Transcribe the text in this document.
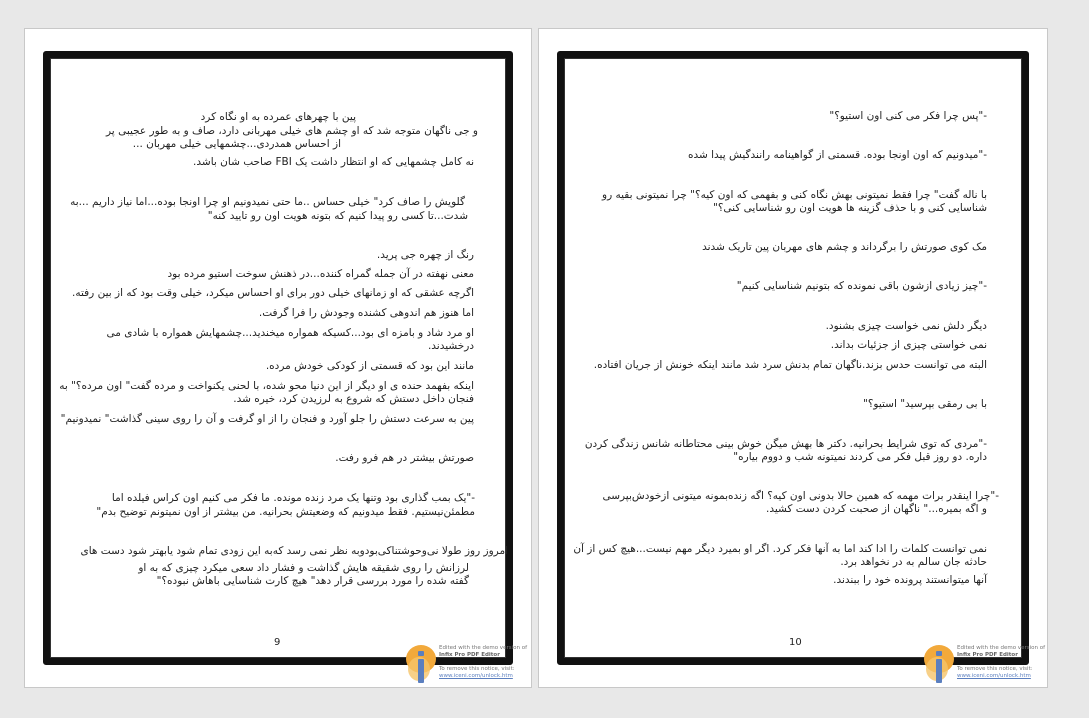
پین با چهرهای عمرده به او نگاه کرد
و جی ناگهان متوجه شد که او چشم های خیلی مهربانی دارد، صاف و به طور عجیبی پر
از احساس همدردی...چشمهایی خیلی مهربان ...
نه کامل چشمهایی که او انتظار داشت یک FBI صاحب شان باشد.
گلویش را صاف کرد" خیلی حساس ..ما حتی نمیدونیم او چرا اونجا بوده...اما نیاز داریم ...به
شدت...تا کسی رو پیدا کنیم که بتونه هویت اون رو تایید کنه"
رنگ از چهره جی پرید.
معنی نهفته در آن جمله گمراه کننده...در ذهنش سوخت استیو مرده بود
اگرچه عشقی که او زمانهای خیلی دور برای او احساس میکرد، خیلی وقت بود که از بین رفته.
اما هنوز هم اندوهی کشنده وجودش را فرا گرفت.
او مرد شاد و بامزه ای بود...کسیکه همواره میخندید...چشمهایش همواره با شادی می
درخشیدند.
مانند این بود که قسمتی از کودکی خودش مرده.
اینکه بفهمد حنده ی او دیگر از این دنیا محو شده، با لحنی یکنواخت و مرده گفت" اون مرده؟" به
فنجان داخل دستش که شروع به لرزیدن کرد، خیره شد.
پین به سرعت دستش را جلو آورد و فنجان را از او گرفت و آن را روی سینی گذاشت" نمیدونیم"
صورتش بیشتر در هم فرو رفت.
-"یک بمب گذاری بود وتنها یک مرد زنده مونده. ما فکر می کنیم اون کراس فیلده اما
مطمئن‌نیستیم. فقط میدونیم که وضعیتش بحرانیه. من بیشتر از اون نمیتونم توضیح بدم"
امروز روز طولا نی‌وحوشتناکی‌بودو‌به نظر نمی رسد که‌به این زودی تمام شود یابهتر شود دست های
لرزانش را روی شقیقه هایش گذاشت و فشار داد سعی میکرد چیزی که به او
گفته شده را مورد بررسی قرار دهد" هیچ کارت شناسایی باهاش نبوده؟"
9	Edited with the demo version of
Infix Pro PDF Editor
To remove this notice, visit:
www.iceni.com/unlock.htm
-"پس چرا فکر می کنی اون استیو؟"
-"میدونیم که اون اونجا بوده. قسمتی از گواهینامه رانندگیش پیدا شده
با ناله گفت" چرا فقط نمیتونی بهش نگاه کنی و بفهمی که اون کیه؟" چرا نمیتونی بقیه رو
شناسایی کنی و با حذف گزینه ها هویت اون رو شناسایی کنی؟"
مک کوی صورتش را برگرداند و چشم های مهربان پین تاریک شدند
-"چیز زیادی ازشون باقی نمونده که بتونیم شناسایی کنیم"
دیگر دلش نمی خواست چیزی بشنود.
نمی خواستی چیزی از جزئیات بداند.
البته می توانست حدس بزند.ناگهان تمام بدنش سرد شد مانند اینکه خونش از جریان افتاده.
با بی رمقی بپرسید" استیو؟"
-"مردی که توی شرایط بحرانیه. دکتر ها بهش میگن خوش بینی محتاطانه شانس زندگی کردن
داره. دو روز قبل فکر می کردند نمیتونه شب و دووم بیاره"
-"چرا اینقدر برات مهمه که همین حالا بدونی اون کیه؟ اگه زنده‌بمونه میتونی ازخودش‌بپرسی
و اگه بمیره..." ناگهان از صحبت کردن دست کشید.
نمی توانست کلمات را ادا کند اما به آنها فکر کرد. اگر او بمیرد دیگر مهم نیست...هیچ کس از آن
حادثه جان سالم به در نخواهد برد.
آنها میتوانستند پرونده خود را ببندند.
10	Edited with the demo version of
Infix Pro PDF Editor
To remove this notice, visit:
www.iceni.com/unlock.htm
